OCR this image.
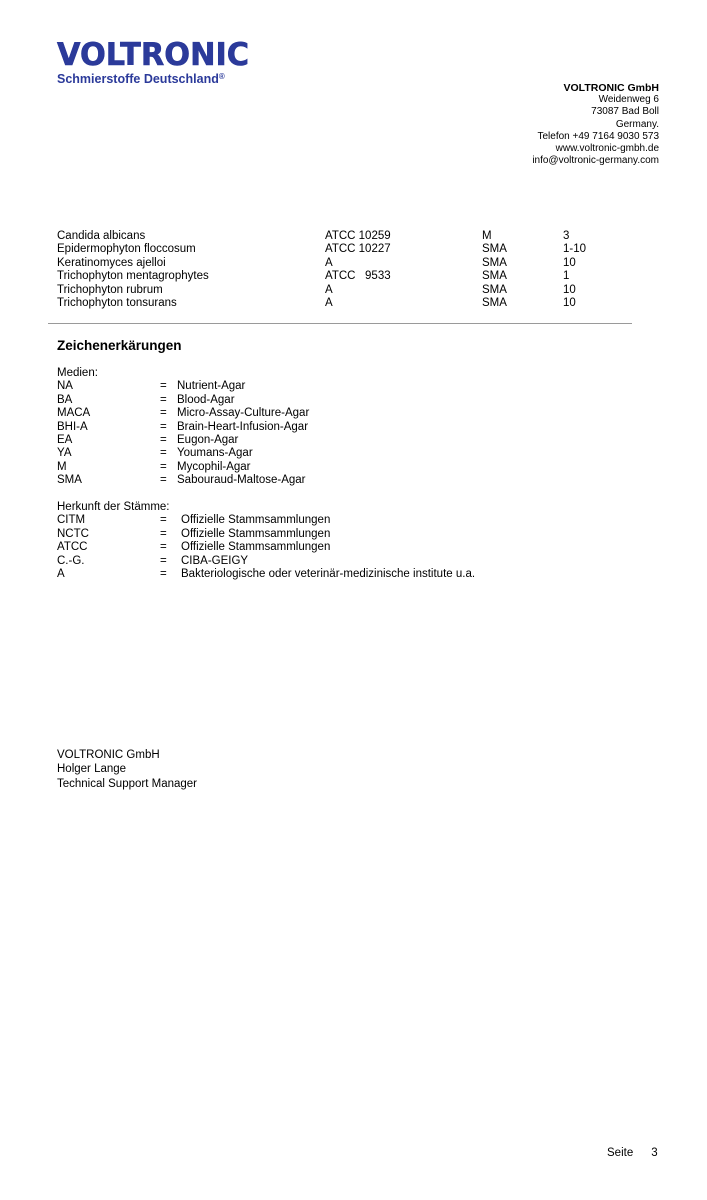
VOLTRONIC
Schmierstoffe Deutschland®
VOLTRONIC GmbH
Weidenweg 6
73087 Bad Boll
Germany.
Telefon +49 7164 9030 573
www.voltronic-gmbh.de
info@voltronic-germany.com
Candida albicans	ATCC 10259	M	3
Epidermophyton floccosum	ATCC 10227	SMA	1-10
Keratinomyces ajelloi	A	SMA	10
Trichophyton mentagrophytes	ATCC   9533	SMA	1
Trichophyton rubrum	A	SMA	10
Trichophyton tonsurans	A	SMA	10
Zeichenerkärungen
Medien:
NA	= Nutrient-Agar
BA	= Blood-Agar
MACA	= Micro-Assay-Culture-Agar
BHI-A	= Brain-Heart-Infusion-Agar
EA	= Eugon-Agar
YA	= Youmans-Agar
M	= Mycophil-Agar
SMA	= Sabouraud-Maltose-Agar
Herkunft der Stämme:
CITM	= Offizielle Stammsammlungen
NCTC	= Offizielle Stammsammlungen
ATCC	= Offizielle Stammsammlungen
C.-G.	= CIBA-GEIGY
A	= Bakteriologische oder veterinär-medizinische institute u.a.
VOLTRONIC GmbH
Holger Lange
Technical Support Manager
Seite 3
